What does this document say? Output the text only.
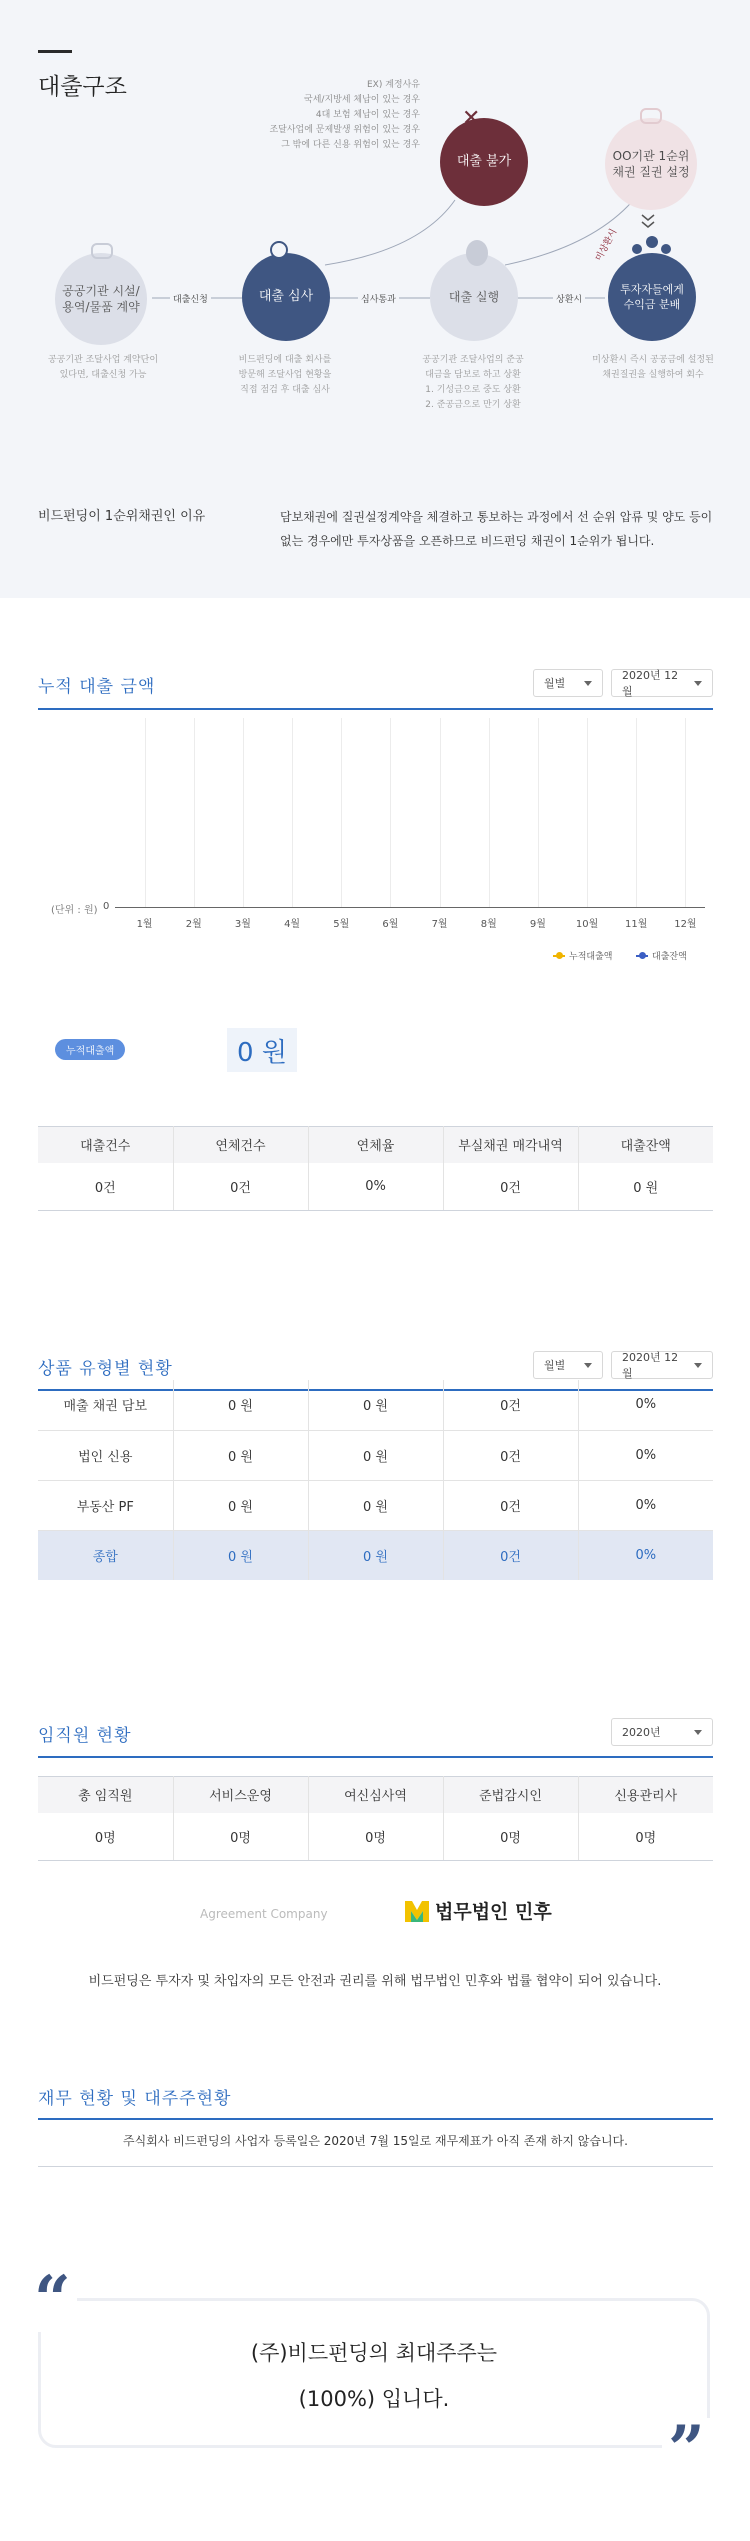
대출구조
대출신청	심사통과	상환시
미상환시
공공기관 시설/
용역/물품 계약
대출 심사
대출 불가
✕
대출 실행
OO기관 1순위
채권 질권 설정
투자자들에게
수익금 분배
공공기관 조달사업 계약단이
있다면, 대출신청 가능
비드펀딩에 대출 회사를
방문해 조달사업 현황을
직접 점검 후 대출 심사
EX) 계정사유
국세/지방세 체납이 있는 경우
4대 보험 체납이 있는 경우
조달사업에 문제발생 위험이 있는 경우
그 밖에 다른 신용 위험이 있는 경우
공공기관 조달사업의 준공
대금을 담보로 하고 상환
1. 기성금으로 중도 상환
2. 준공금으로 만기 상환
미상환시 즉시 공공금에 설정된
채권질권을 실행하여 회수
비드펀딩이 1순위채권인 이유	담보채권에 질권설정계약을 체결하고 통보하는 과정에서 선 순위 압류 및 양도 등이 없는 경우에만 투자상품을 오픈하므로 비드펀딩 채권이 1순위가 됩니다.
누적 대출 금액	월별
2020년 12월
1월	2월	3월	4월	5월	6월	7월	8월	9월	10월	11월	12월
(단위 : 원) 0
누적대출액	대출잔액
누적대출액	0 원
대출건수	연체건수	연체율	부실채권 매각내역	대출잔액
0건	0건	0%	0건	0 원
상품 유형별 현황	월별
2020년 12월
매출 채권 담보	0 원	0 원	0건	0%
법인 신용	0 원	0 원	0건	0%
부동산 PF	0 원	0 원	0건	0%
종합	0 원	0 원	0건	0%
임직원 현황	2020년
총 임직원	서비스운영	여신심사역	준법감시인	신용관리사
0명	0명	0명	0명	0명
Agreement Company	법무법인 민후
비드펀딩은 투자자 및 차입자의 모든 안전과 권리를 위해 법무법인 민후와 법률 협약이 되어 있습니다.
재무 현황 및 대주주현황
주식회사 비드펀딩의 사업자 등록일은 2020년 7월 15일로 재무제표가 아직 존재 하지 않습니다.
“
”
(주)비드펀딩의 최대주주는
(100%) 입니다.
